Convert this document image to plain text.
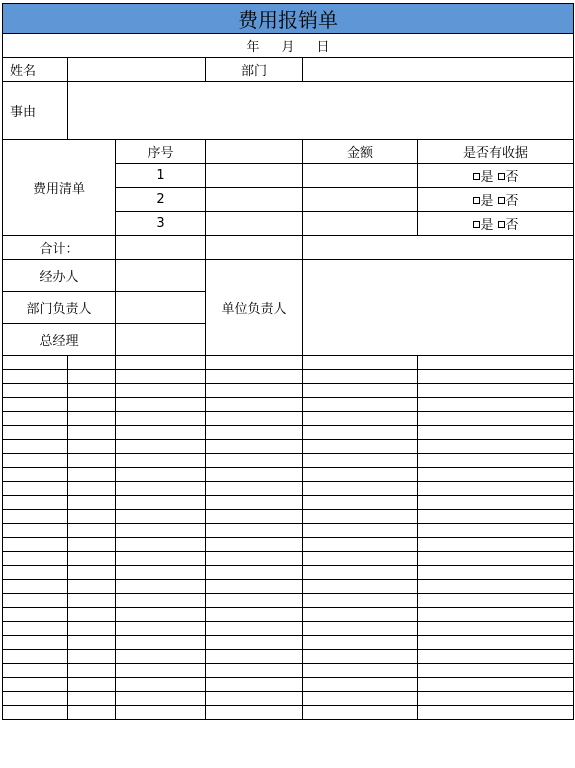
费用报销单					
年 月 日					
姓名			部门		
事由					
费用清单		序号		金额	是否有收据
		1			是 否
		2			是 否
		3			是 否
合计：					
经办人			单位负责人		
部门负责人					
总经理					
